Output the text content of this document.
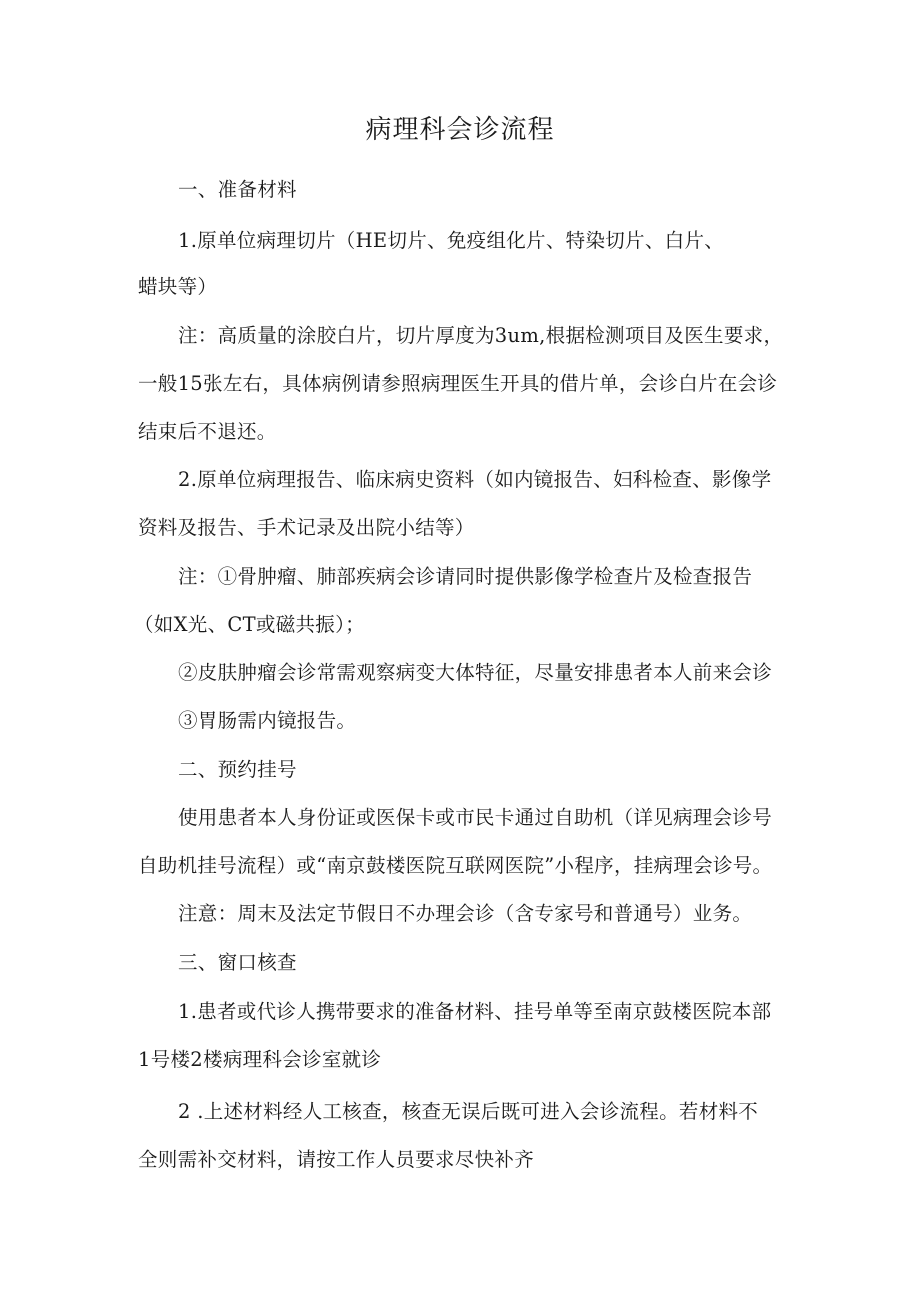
病理科会诊流程
一、准备材料
1.原单位病理切片（HE切片、免疫组化片、特染切片、白片、
蜡块等）
注：高质量的涂胶白片，切片厚度为3um,根据检测项目及医生要求，
一般15张左右，具体病例请参照病理医生开具的借片单，会诊白片在会诊
结束后不退还。
2.原单位病理报告、临床病史资料（如内镜报告、妇科检查、影像学
资料及报告、手术记录及出院小结等）
注：①骨肿瘤、肺部疾病会诊请同时提供影像学检查片及检查报告
（如X光、CT或磁共振）；
②皮肤肿瘤会诊常需观察病变大体特征，尽量安排患者本人前来会诊
③胃肠需内镜报告。
二、预约挂号
使用患者本人身份证或医保卡或市民卡通过自助机（详见病理会诊号
自助机挂号流程）或“南京鼓楼医院互联网医院”小程序，挂病理会诊号。
注意：周末及法定节假日不办理会诊（含专家号和普通号）业务。
三、窗口核查
1.患者或代诊人携带要求的准备材料、挂号单等至南京鼓楼医院本部
1号楼2楼病理科会诊室就诊
2 .上述材料经人工核查，核查无误后既可进入会诊流程。若材料不
全则需补交材料，请按工作人员要求尽快补齐
